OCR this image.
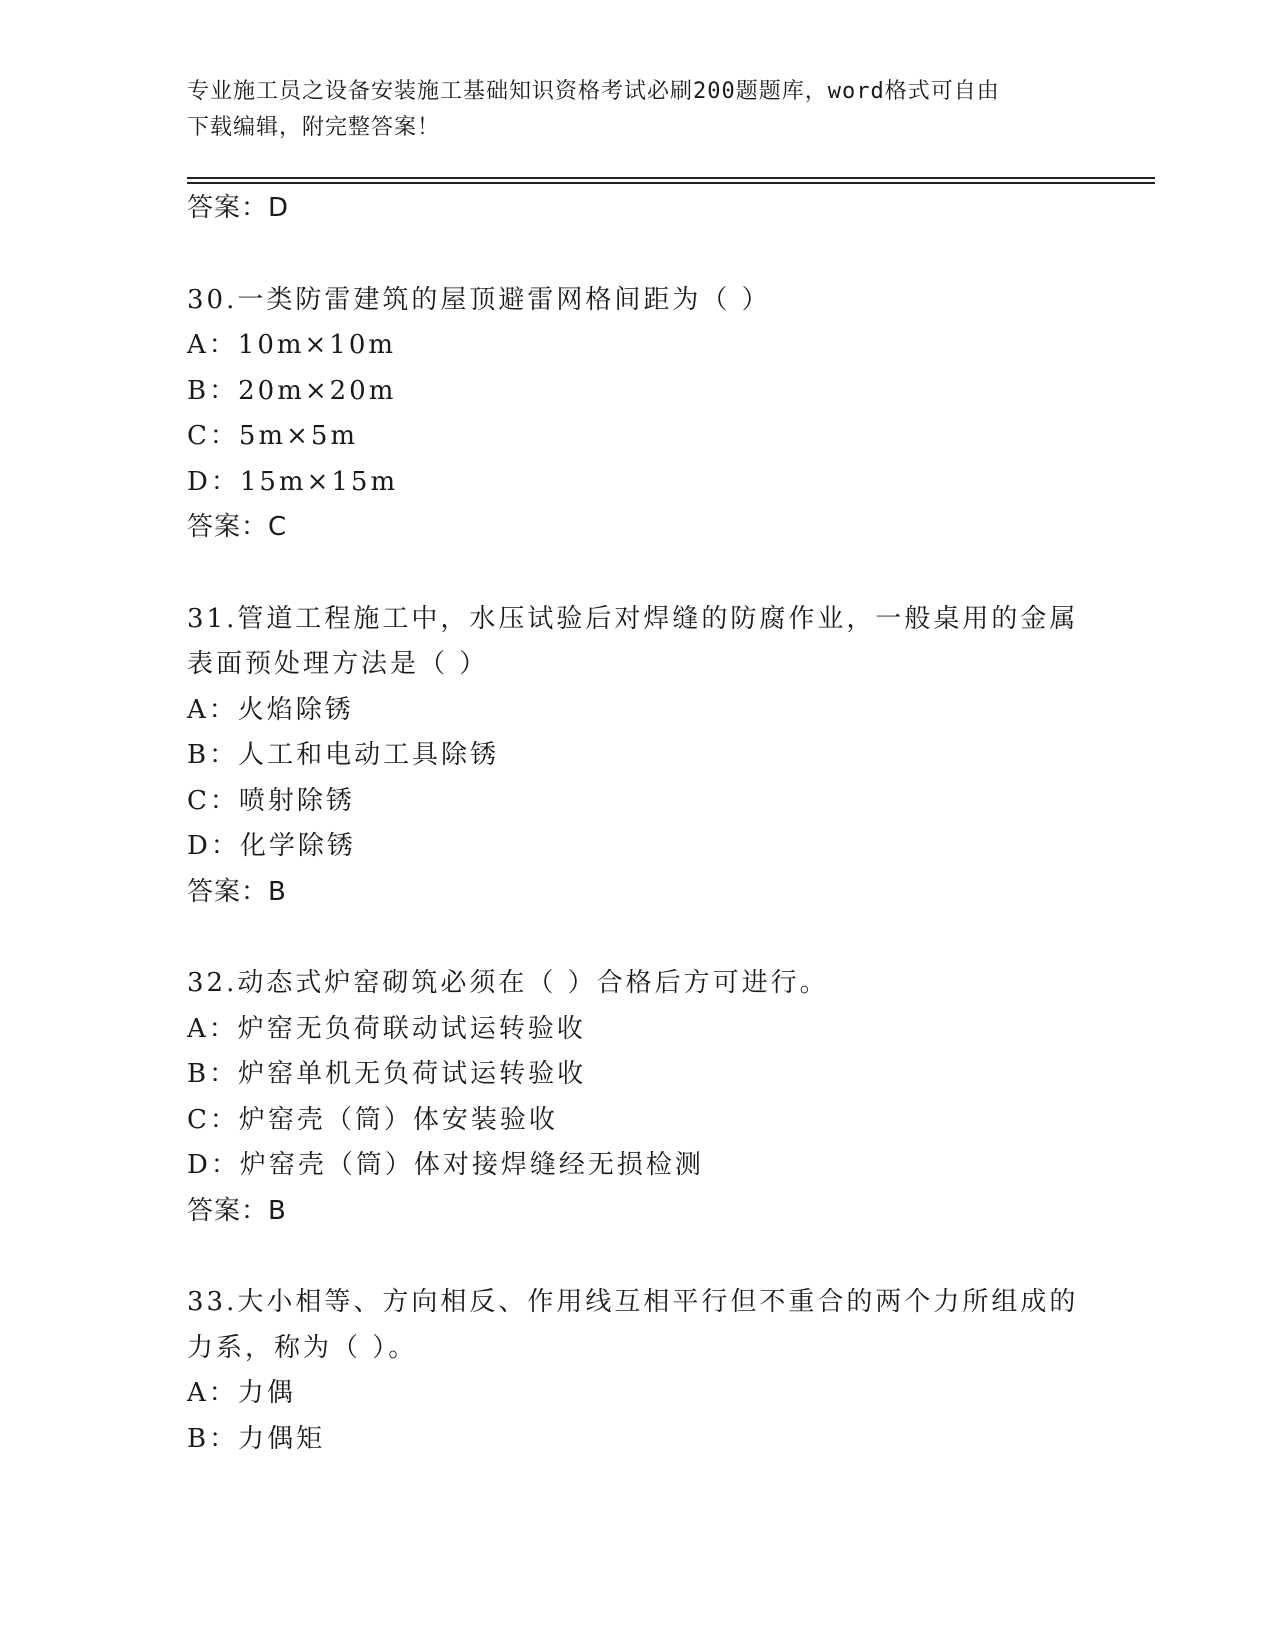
专业施工员之设备安装施工基础知识资格考试必刷200题题库，word格式可自由
下载编辑，附完整答案！
答案：D
30.一类防雷建筑的屋顶避雷网格间距为（ ）
A：10m×10m
B：20m×20m
C：5m×5m
D：15m×15m
答案：C
31.管道工程施工中，水压试验后对焊缝的防腐作业，一般桌用的金属
表面预处理方法是（ ）
A：火焰除锈
B：人工和电动工具除锈
C：喷射除锈
D：化学除锈
答案：B
32.动态式炉窑砌筑必须在（ ）合格后方可进行。
A：炉窑无负荷联动试运转验收
B：炉窑单机无负荷试运转验收
C：炉窑壳（筒）体安装验收
D：炉窑壳（筒）体对接焊缝经无损检测
答案：B
33.大小相等、方向相反、作用线互相平行但不重合的两个力所组成的
力系，称为（ ）。
A：力偶
B：力偶矩
